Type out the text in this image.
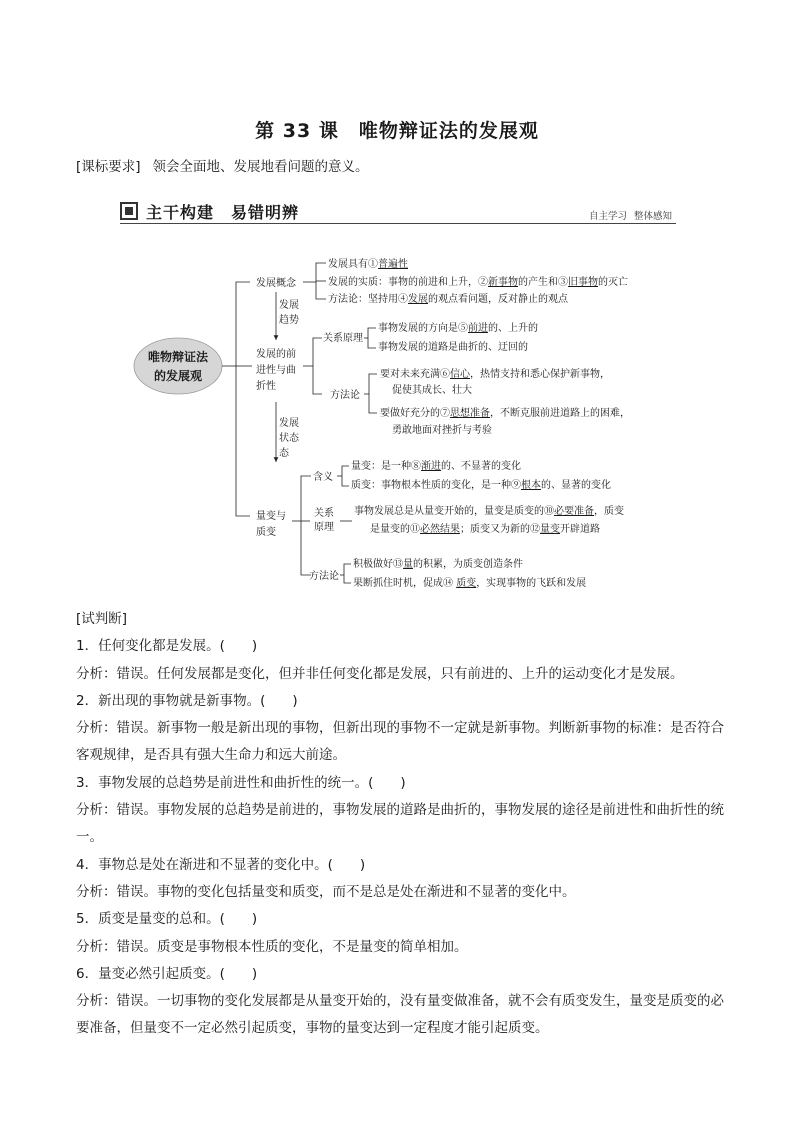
第 33 课　唯物辩证法的发展观
[课标要求] 领会全面地、发展地看问题的意义。
主干构建　易错明辨	自主学习 整体感知
唯物辩证法
的发展观
发展概念
发展具有①普遍性
发展的实质：事物的前进和上升，②新事物的产生和③旧事物的灭亡
方法论：坚持用④发展的观点看问题，反对静止的观点
发展
趋势
发展的前
进性与曲
折性
关系原理
事物发展的方向是⑤前进的、上升的
事物发展的道路是曲折的、迂回的
方法论
要对未来充满⑥信心，热情支持和悉心保护新事物，
促使其成长、壮大
要做好充分的⑦思想准备，不断克服前进道路上的困难，
勇敢地面对挫折与考验
发展
状态
态
量变与
质变
含义
量变：是一种⑧渐进的、不显著的变化
质变：事物根本性质的变化，是一种⑨根本的、显著的变化
关系
原理
事物发展总是从量变开始的，量变是质变的⑩必要准备，质变
是量变的⑪必然结果；质变又为新的⑫量变开辟道路
方法论
积极做好⑬量的积累，为质变创造条件
果断抓住时机，促成⑭ 质变，实现事物的飞跃和发展

[试判断]

1．任何变化都是发展。(　　)

分析：错误。任何发展都是变化，但并非任何变化都是发展，只有前进的、上升的运动变化才是发展。

2．新出现的事物就是新事物。(　　)

分析：错误。新事物一般是新出现的事物，但新出现的事物不一定就是新事物。判断新事物的标准：是否符合客观规律，是否具有强大生命力和远大前途。

3．事物发展的总趋势是前进性和曲折性的统一。(　　)

分析：错误。事物发展的总趋势是前进的，事物发展的道路是曲折的，事物发展的途径是前进性和曲折性的统一。

4．事物总是处在渐进和不显著的变化中。(　　)

分析：错误。事物的变化包括量变和质变，而不是总是处在渐进和不显著的变化中。

5．质变是量变的总和。(　　)

分析：错误。质变是事物根本性质的变化，不是量变的简单相加。

6．量变必然引起质变。(　　)

分析：错误。一切事物的变化发展都是从量变开始的，没有量变做准备，就不会有质变发生，量变是质变的必要准备，但量变不一定必然引起质变，事物的量变达到一定程度才能引起质变。
